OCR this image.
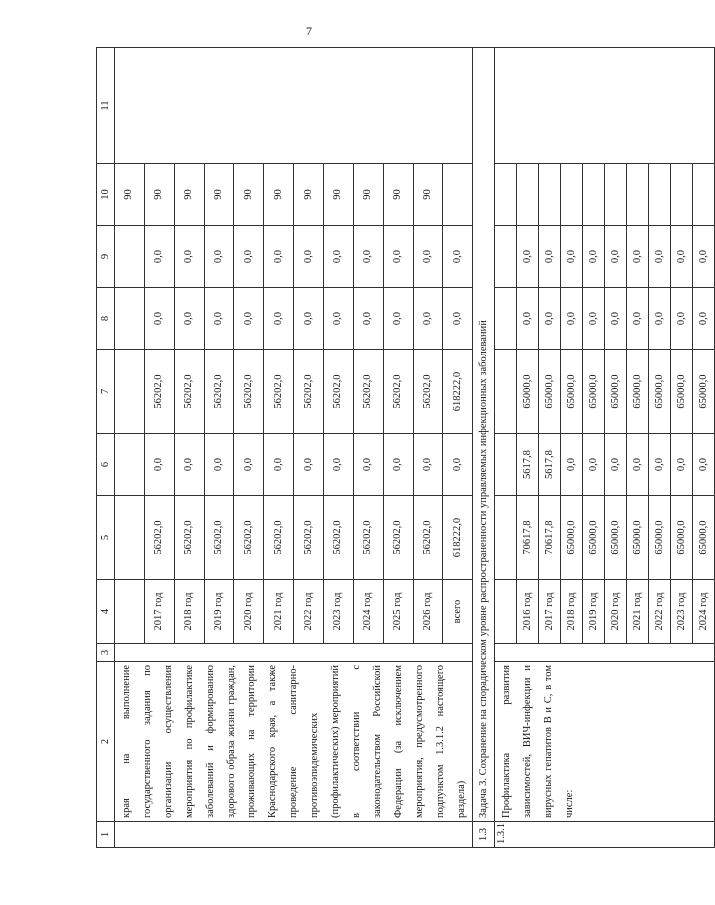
7
1	2	3	4	5	6	7	8	9	10	11

	края на выполнение государственного задания по организации осуществления мероприятия по профилактике заболеваний и формированию здорового образа жизни граждан, проживающих на территории Краснодарского края, а также проведение санитарно-противоэпидемических (профилактических) мероприятий в соответствии с законодательством Российской Федерации (за исключением мероприятия, предусмотренного подпунктом 1.3.1.2 настоящего раздела)								90	
			2017 год	56202,0	0,0	56202,0	0,0	0,0	90	
			2018 год	56202,0	0,0	56202,0	0,0	0,0	90	
			2019 год	56202,0	0,0	56202,0	0,0	0,0	90	
			2020 год	56202,0	0,0	56202,0	0,0	0,0	90	
			2021 год	56202,0	0,0	56202,0	0,0	0,0	90	
			2022 год	56202,0	0,0	56202,0	0,0	0,0	90	
			2023 год	56202,0	0,0	56202,0	0,0	0,0	90	
			2024 год	56202,0	0,0	56202,0	0,0	0,0	90	
			2025 год	56202,0	0,0	56202,0	0,0	0,0	90	
			2026 год	56202,0	0,0	56202,0	0,0	0,0	90	
			всего	618222,0	0,0	618222,0	0,0	0,0		
1.3	Задача 3. Сохранение на спорадическом уровне распространенности управляемых инфекционных заболеваний									
1.3.1	Профилактика развития зависимостей, ВИЧ-инфекции и вирусных гепатитов В и С, в том числе:									

			2016 год	70617,8	5617,8	65000,0	0,0	0,0		
			2017 год	70617,8	5617,8	65000,0	0,0	0,0		
			2018 год	65000,0	0,0	65000,0	0,0	0,0		
			2019 год	65000,0	0,0	65000,0	0,0	0,0		
			2020 год	65000,0	0,0	65000,0	0,0	0,0		
			2021 год	65000,0	0,0	65000,0	0,0	0,0		
			2022 год	65000,0	0,0	65000,0	0,0	0,0		
			2023 год	65000,0	0,0	65000,0	0,0	0,0		
			2024 год	65000,0	0,0	65000,0	0,0	0,0		
